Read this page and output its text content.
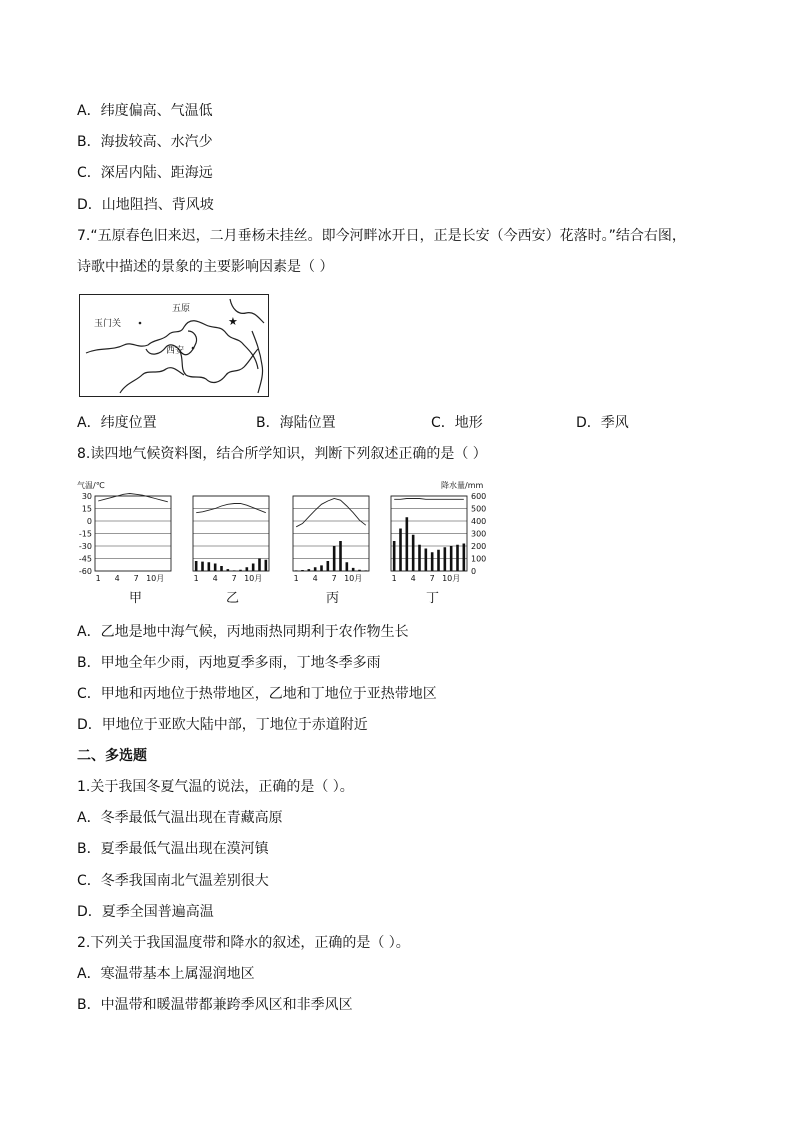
A．纬度偏高、气温低
B．海拔较高、水汽少
C．深居内陆、距海远
D．山地阻挡、背风坡
7.“五原春色旧来迟，二月垂杨未挂丝。即今河畔冰开日，正是长安（今西安）花落时。”结合右图，
诗歌中描述的景象的主要影响因素是（ ）
五原
玉门关
西安
★
A．纬度位置	B．海陆位置	C．地形	D．季风
8.读四地气候资料图，结合所学知识，判断下列叙述正确的是（ ）
气温/℃	降水量/mm
30
15
0
-15
-30
-45
-60
600
500
400
300
200
100
0
1 4 7 10月	1 4 7 10月	1 4 7 10月	1 4 7 10月
甲	乙	丙	丁
A．乙地是地中海气候，丙地雨热同期利于农作物生长
B．甲地全年少雨，丙地夏季多雨，丁地冬季多雨
C．甲地和丙地位于热带地区，乙地和丁地位于亚热带地区
D．甲地位于亚欧大陆中部，丁地位于赤道附近
二、多选题
1.关于我国冬夏气温的说法，正确的是（ ）。
A．冬季最低气温出现在青藏高原
B．夏季最低气温出现在漠河镇
C．冬季我国南北气温差别很大
D．夏季全国普遍高温
2.下列关于我国温度带和降水的叙述，正确的是（ ）。
A．寒温带基本上属湿润地区
B．中温带和暖温带都兼跨季风区和非季风区
